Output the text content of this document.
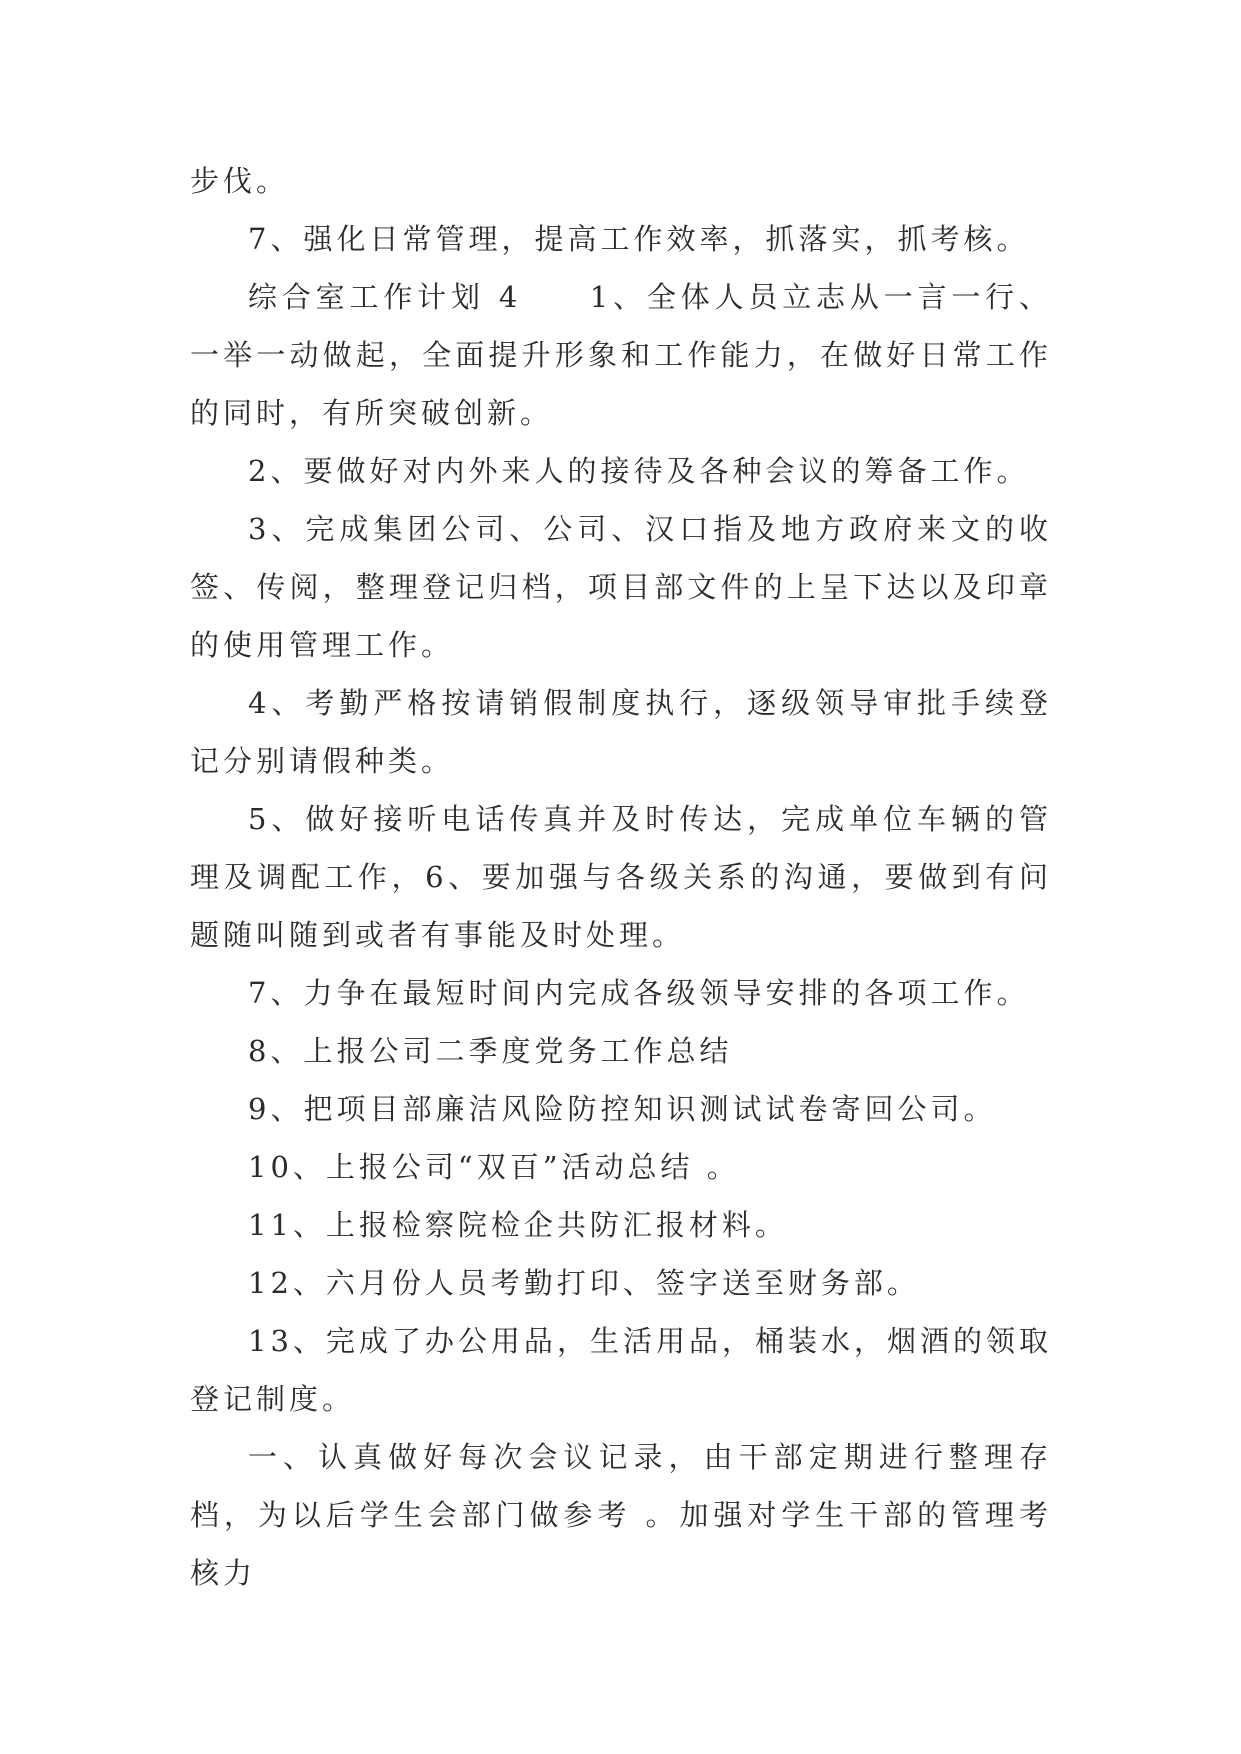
步伐。

7、强化日常管理，提高工作效率，抓落实，抓考核。

综合室工作计划 4　　1、全体人员立志从一言一行、一举一动做起，全面提升形象和工作能力，在做好日常工作的同时，有所突破创新。

2、要做好对内外来人的接待及各种会议的筹备工作。

3、完成集团公司、公司、汉口指及地方政府来文的收签、传阅，整理登记归档，项目部文件的上呈下达以及印章的使用管理工作。

4、考勤严格按请销假制度执行，逐级领导审批手续登记分别请假种类。

5、做好接听电话传真并及时传达，完成单位车辆的管理及调配工作，6、要加强与各级关系的沟通，要做到有问题随叫随到或者有事能及时处理。

7、力争在最短时间内完成各级领导安排的各项工作。

8、上报公司二季度党务工作总结

9、把项目部廉洁风险防控知识测试试卷寄回公司。

10、上报公司“双百”活动总结 。

11、上报检察院检企共防汇报材料。

12、六月份人员考勤打印、签字送至财务部。

13、完成了办公用品，生活用品，桶装水，烟酒的领取登记制度。

一、认真做好每次会议记录，由干部定期进行整理存档，为以后学生会部门做参考 。加强对学生干部的管理考核力
